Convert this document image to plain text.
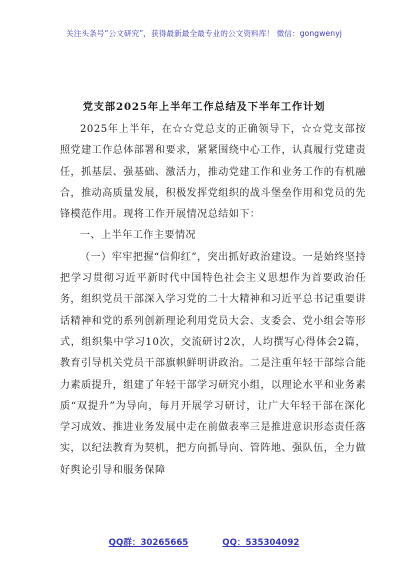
关注头条号“公文研究”，获得最新最全最专业的公文资料库！ 微信：gongwenyj
党支部2025年上半年工作总结及下半年工作计划

2025年上半年，在☆☆党总支的正确领导下，☆☆党支部按照党建工作总体部署和要求，紧紧围绕中心工作，认真履行党建责任，抓基层、强基础、激活力，推动党建工作和业务工作的有机融合，推动高质量发展，积极发挥党组织的战斗堡垒作用和党员的先锋模范作用。现将工作开展情况总结如下：

一、上半年工作主要情况

（一）牢牢把握“信仰红”，突出抓好政治建设。一是始终坚持把学习贯彻习近平新时代中国特色社会主义思想作为首要政治任务，组织党员干部深入学习党的二十大精神和习近平总书记重要讲话精神和党的系列创新理论利用党员大会、支委会、党小组会等形式，组织集中学习10次，交流研讨2次，人均撰写心得体会2篇，教育引导机关党员干部旗帜鲜明讲政治。二是注重年轻干部综合能力素质提升，组建了年轻干部学习研究小组，以理论水平和业务素质“双提升”为导向，每月开展学习研讨，让广大年轻干部在深化学习成效、推进业务发展中走在前做表率三是推进意识形态责任落实，以纪法教育为契机，把方向抓导向、管阵地、强队伍，全力做好舆论引导和服务保障

QQ群：30265665	QQ：535304092
